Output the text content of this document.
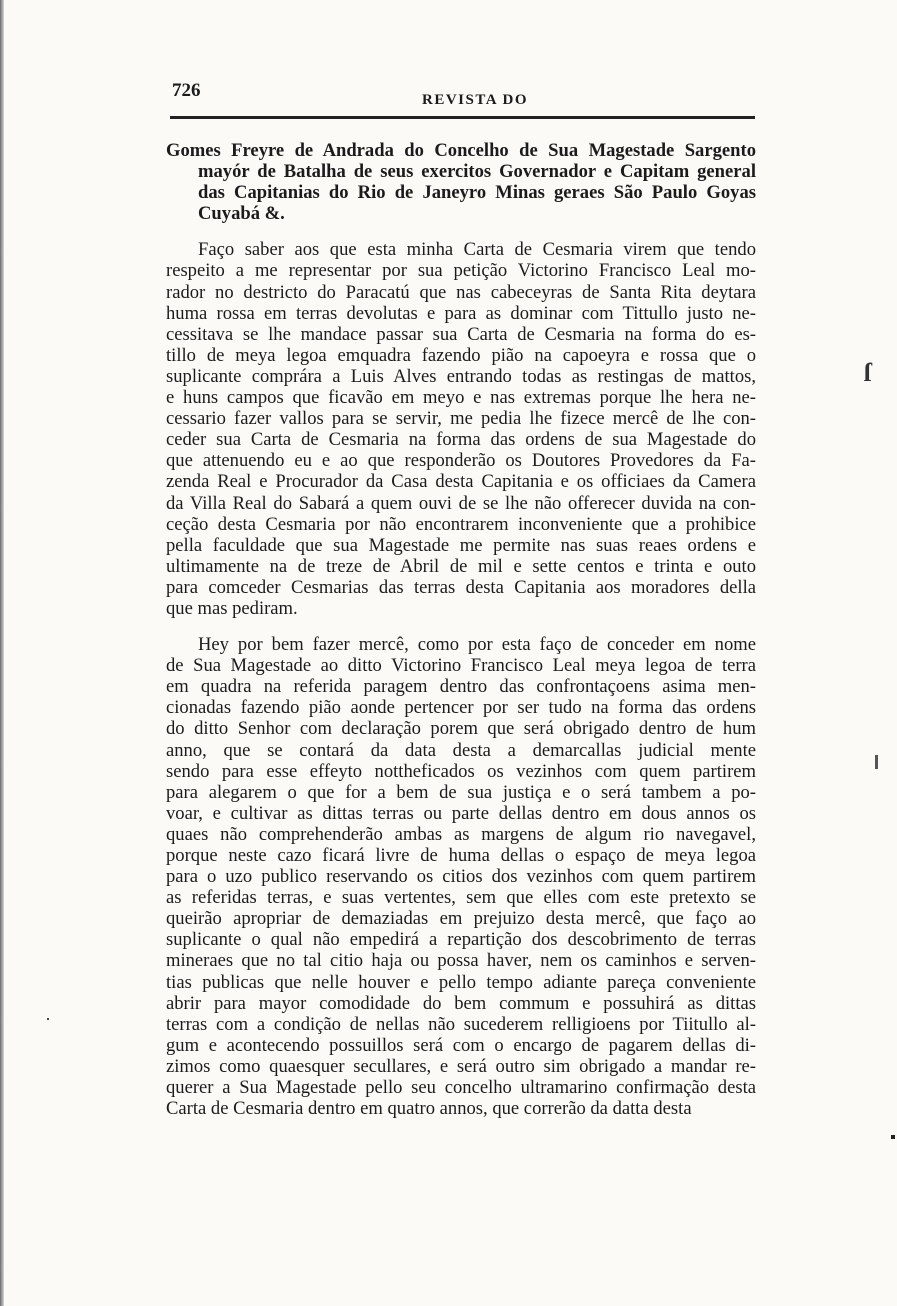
726	REVISTA DO
Gomes Freyre de Andrada do Concelho de Sua Magestade Sargento
mayór de Batalha de seus exercitos Governador e Capitam general
das Capitanias do Rio de Janeyro Minas geraes São Paulo Goyas
Cuyabá &.
Faço saber aos que esta minha Carta de Cesmaria virem que tendo
respeito a me representar por sua petição Victorino Francisco Leal mo-
rador no destricto do Paracatú que nas cabeceyras de Santa Rita deytara
huma rossa em terras devolutas e para as dominar com Tittullo justo ne-
cessitava se lhe mandace passar sua Carta de Cesmaria na forma do es-
tillo de meya legoa emquadra fazendo pião na capoeyra e rossa que o
suplicante comprára a Luis Alves entrando todas as restingas de mattos,
e huns campos que ficavão em meyo e nas extremas porque lhe hera ne-
cessario fazer vallos para se servir, me pedia lhe fizece mercê de lhe con-
ceder sua Carta de Cesmaria na forma das ordens de sua Magestade do
que attenuendo eu e ao que responderão os Doutores Provedores da Fa-
zenda Real e Procurador da Casa desta Capitania e os officiaes da Camera
da Villa Real do Sabará a quem ouvi de se lhe não offerecer duvida na con-
ceção desta Cesmaria por não encontrarem inconveniente que a prohibice
pella faculdade que sua Magestade me permite nas suas reaes ordens e
ultimamente na de treze de Abril de mil e sette centos e trinta e outo
para comceder Cesmarias das terras desta Capitania aos moradores della
que mas pediram.
Hey por bem fazer mercê, como por esta faço de conceder em nome
de Sua Magestade ao ditto Victorino Francisco Leal meya legoa de terra
em quadra na referida paragem dentro das confrontaçoens asima men-
cionadas fazendo pião aonde pertencer por ser tudo na forma das ordens
do ditto Senhor com declaração porem que será obrigado dentro de hum
anno, que se contará da data desta a demarcallas judicial mente
sendo para esse effeyto nottheficados os vezinhos com quem partirem
para alegarem o que for a bem de sua justiça e o será tambem a po-
voar, e cultivar as dittas terras ou parte dellas dentro em dous annos os
quaes não comprehenderão ambas as margens de algum rio navegavel,
porque neste cazo ficará livre de huma dellas o espaço de meya legoa
para o uzo publico reservando os citios dos vezinhos com quem partirem
as referidas terras, e suas vertentes, sem que elles com este pretexto se
queirão apropriar de demaziadas em prejuizo desta mercê, que faço ao
suplicante o qual não empedirá a repartição dos descobrimento de terras
mineraes que no tal citio haja ou possa haver, nem os caminhos e serven-
tias publicas que nelle houver e pello tempo adiante pareça conveniente
abrir para mayor comodidade do bem commum e possuhirá as dittas
terras com a condição de nellas não sucederem relligioens por Tiitullo al-
gum e acontecendo possuillos será com o encargo de pagarem dellas di-
zimos como quaesquer secullares, e será outro sim obrigado a mandar re-
querer a Sua Magestade pello seu concelho ultramarino confirmação desta
Carta de Cesmaria dentro em quatro annos, que correrão da datta desta
ſ
